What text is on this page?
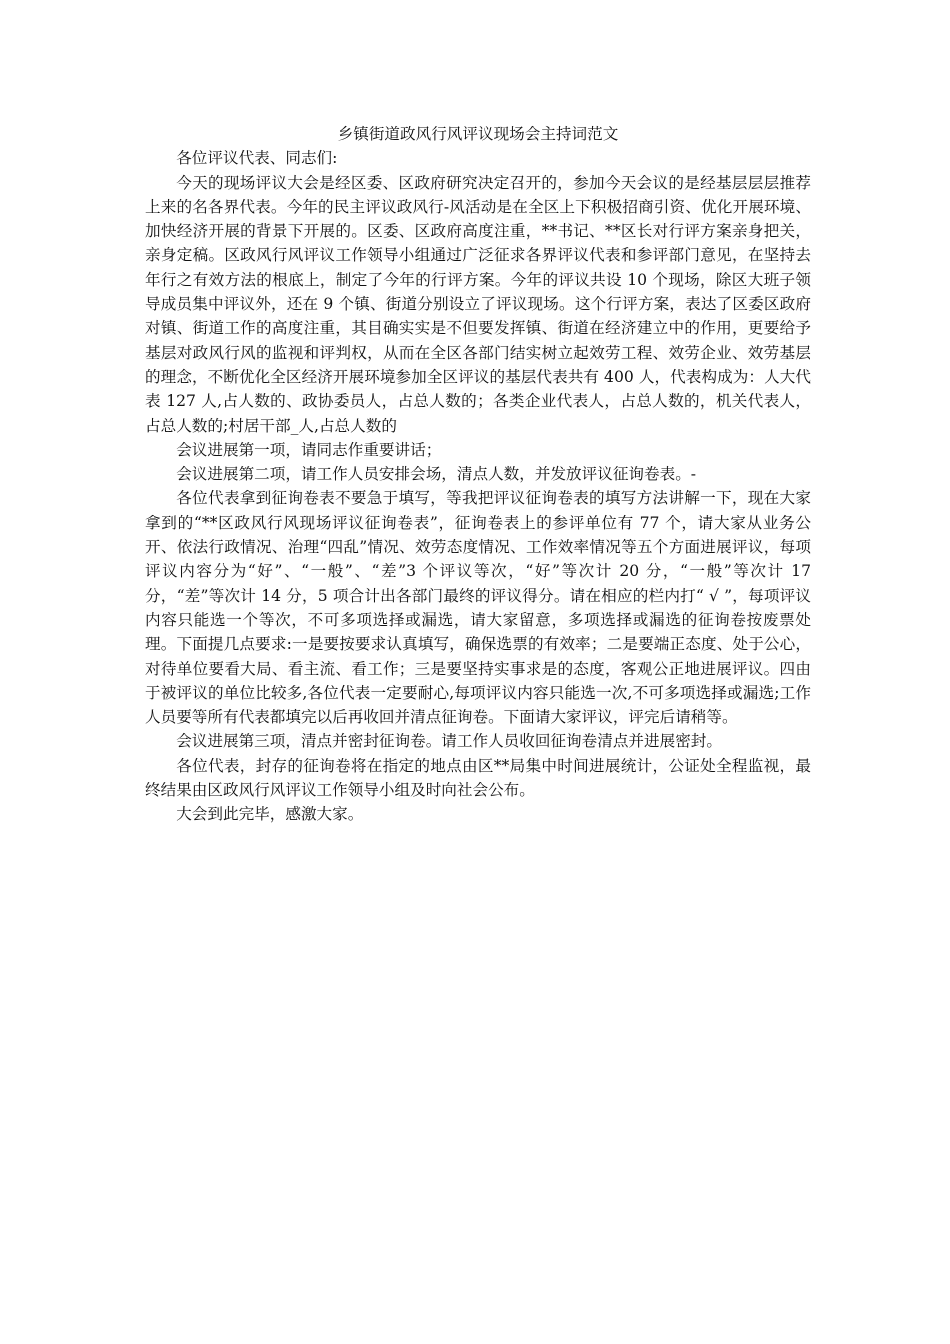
乡镇街道政风行风评议现场会主持词范文

各位评议代表、同志们:

今天的现场评议大会是经区委、区政府研究决定召开的，参加今天会议的是经基层层层推荐上来的名各界代表。今年的民主评议政风行-风活动是在全区上下积极招商引资、优化开展环境、加快经济开展的背景下开展的。区委、区政府高度注重，**书记、**区长对行评方案亲身把关，亲身定稿。区政风行风评议工作领导小组通过广泛征求各界评议代表和参评部门意见，在坚持去年行之有效方法的根底上，制定了今年的行评方案。今年的评议共设 10 个现场，除区大班子领导成员集中评议外，还在 9 个镇、街道分别设立了评议现场。这个行评方案，表达了区委区政府对镇、街道工作的高度注重，其目确实实是不但要发挥镇、街道在经济建立中的作用，更要给予基层对政风行风的监视和评判权，从而在全区各部门结实树立起效劳工程、效劳企业、效劳基层的理念，不断优化全区经济开展环境参加全区评议的基层代表共有 400 人，代表构成为：人大代表 127 人,占人数的、政协委员人，占总人数的；各类企业代表人，占总人数的，机关代表人，占总人数的;村居干部_人,占总人数的

会议进展第一项，请同志作重要讲话；

会议进展第二项，请工作人员安排会场，清点人数，并发放评议征询卷表。-

各位代表拿到征询卷表不要急于填写，等我把评议征询卷表的填写方法讲解一下，现在大家拿到的“**区政风行风现场评议征询卷表”，征询卷表上的参评单位有 77 个，请大家从业务公开、依法行政情况、治理“四乱”情况、效劳态度情况、工作效率情况等五个方面进展评议，每项评议内容分为“好”、“一般”、“差”3 个评议等次，“好”等次计 20 分，“一般”等次计 17 分，“差”等次计 14 分，5 项合计出各部门最终的评议得分。请在相应的栏内打“ √ ”，每项评议内容只能选一个等次，不可多项选择或漏选，请大家留意，多项选择或漏选的征询卷按废票处理。下面提几点要求:一是要按要求认真填写，确保选票的有效率；二是要端正态度、处于公心，对待单位要看大局、看主流、看工作；三是要坚持实事求是的态度，客观公正地进展评议。四由于被评议的单位比较多,各位代表一定要耐心,每项评议内容只能选一次,不可多项选择或漏选;工作人员要等所有代表都填完以后再收回并清点征询卷。下面请大家评议，评完后请稍等。

会议进展第三项，清点并密封征询卷。请工作人员收回征询卷清点并进展密封。

各位代表，封存的征询卷将在指定的地点由区**局集中时间进展统计，公证处全程监视，最终结果由区政风行风评议工作领导小组及时向社会公布。

大会到此完毕，感激大家。
